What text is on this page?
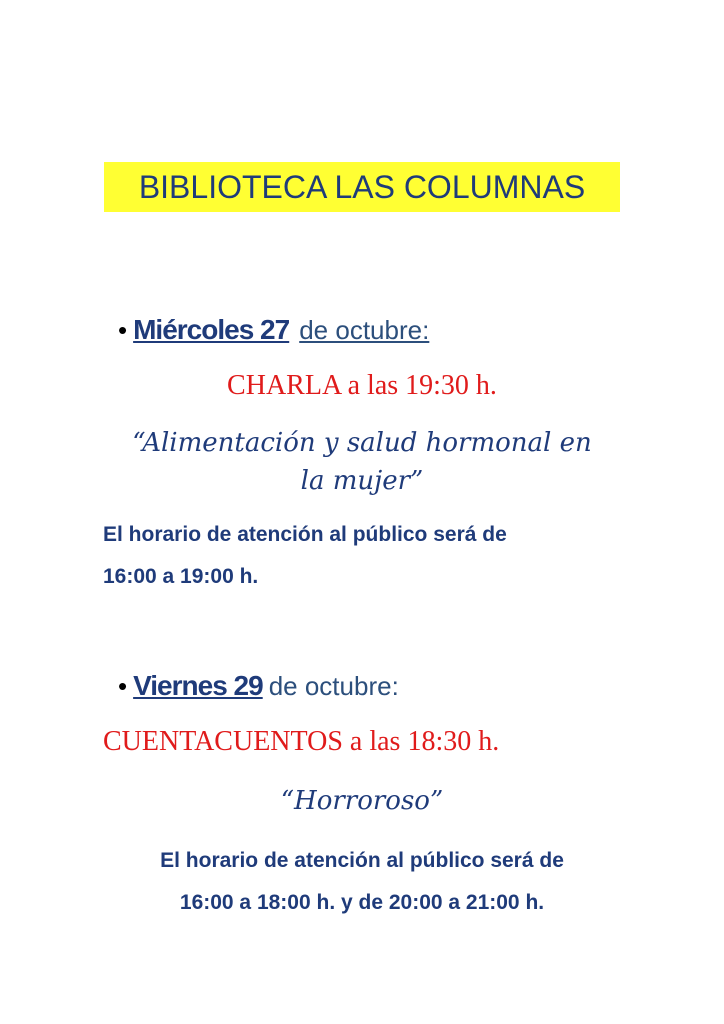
BIBLIOTECA LAS COLUMNAS
• Miércoles 27 de octubre:
CHARLA a las 19:30 h.
“Alimentación y salud hormonal en la mujer”
El horario de atención al público será de
16:00 a 19:00 h.
• Viernes 29 de octubre:
CUENTACUENTOS a las 18:30 h.
“Horroroso”
El horario de atención al público será de
16:00 a 18:00 h. y de 20:00 a 21:00 h.
